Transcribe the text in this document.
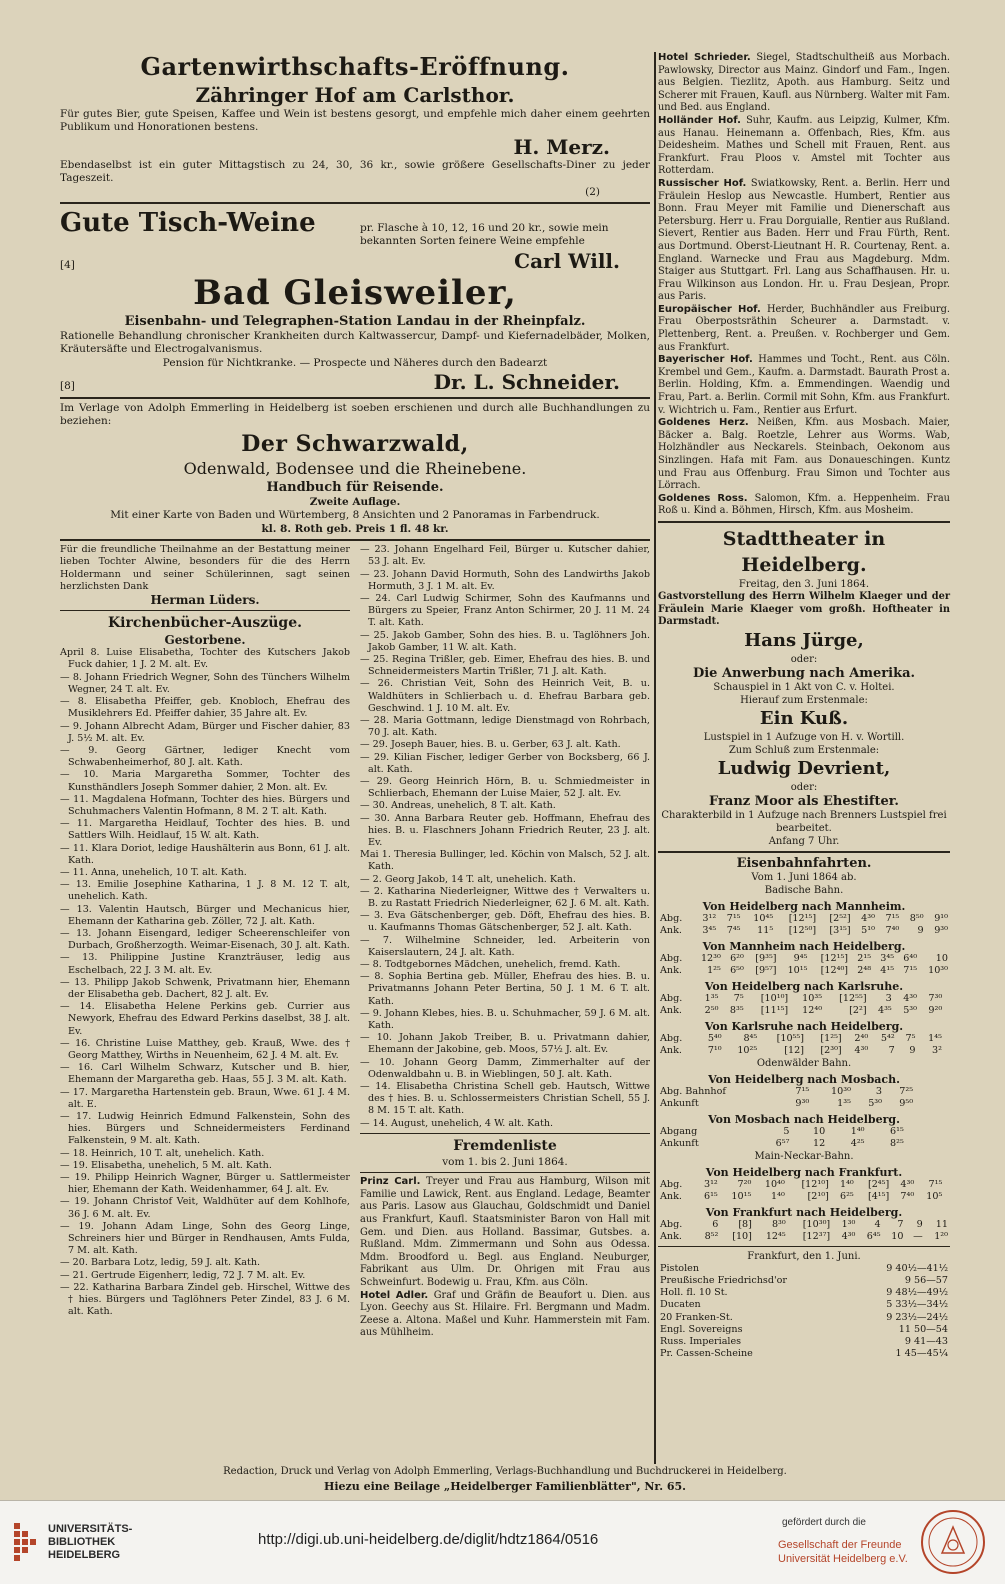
Gartenwirthschafts-Eröffnung.
Zähringer Hof am Carlsthor.
Für gutes Bier, gute Speisen, Kaffee und Wein ist bestens gesorgt, und empfehle mich daher einem geehrten Publikum und Honorationen bestens.
H. Merz.
Ebendaselbst ist ein guter Mittagstisch zu 24, 30, 36 kr., sowie größere Gesellschafts-Diner zu jeder Tageszeit.
(2)
Gute Tisch-Weine	pr. Flasche à 10, 12, 16 und 20 kr., sowie mein bekannten Sorten feinere Weine empfehle
[4]	Carl Will.
Bad Gleisweiler,
Eisenbahn- und Telegraphen-Station Landau in der Rheinpfalz.
Rationelle Behandlung chronischer Krankheiten durch Kaltwassercur, Dampf- und Kiefernadelbäder, Molken, Kräutersäfte und Electrogalvanismus.
Pension für Nichtkranke. — Prospecte und Näheres durch den Badearzt
[8]	Dr. L. Schneider.
Im Verlage von Adolph Emmerling in Heidelberg ist soeben erschienen und durch alle Buchhandlungen zu beziehen:
Der Schwarzwald,
Odenwald, Bodensee und die Rheinebene.
Handbuch für Reisende.
Zweite Auflage.
Mit einer Karte von Baden und Würtemberg, 8 Ansichten und 2 Panoramas in Farbendruck.
kl. 8. Roth geb. Preis 1 fl. 48 kr.
Für die freundliche Theilnahme an der Bestattung meiner lieben Tochter Alwine, besonders für die des Herrn Holdermann und seiner Schülerinnen, sagt seinen herzlichsten Dank
Herman Lüders.
Kirchenbücher-Auszüge.
Gestorbene.
April 8. Luise Elisabetha, Tochter des Kutschers Jakob Fuck dahier, 1 J. 2 M. alt. Ev.
— 8. Johann Friedrich Wegner, Sohn des Tünchers Wilhelm Wegner, 24 T. alt. Ev.
— 8. Elisabetha Pfeiffer, geb. Knobloch, Ehefrau des Musiklehrers Ed. Pfeiffer dahier, 35 Jahre alt. Ev.
— 9. Johann Albrecht Adam, Bürger und Fischer dahier, 83 J. 5½ M. alt. Ev.
— 9. Georg Gärtner, lediger Knecht vom Schwabenheimerhof, 80 J. alt. Kath.
— 10. Maria Margaretha Sommer, Tochter des Kunsthändlers Joseph Sommer dahier, 2 Mon. alt. Ev.
— 11. Magdalena Hofmann, Tochter des hies. Bürgers und Schuhmachers Valentin Hofmann, 8 M. 2 T. alt. Kath.
— 11. Margaretha Heidlauf, Tochter des hies. B. und Sattlers Wilh. Heidlauf, 15 W. alt. Kath.
— 11. Klara Doriot, ledige Haushälterin aus Bonn, 61 J. alt. Kath.
— 11. Anna, unehelich, 10 T. alt. Kath.
— 13. Emilie Josephine Katharina, 1 J. 8 M. 12 T. alt, unehelich. Kath.
— 13. Valentin Hautsch, Bürger und Mechanicus hier, Ehemann der Katharina geb. Zöller, 72 J. alt. Kath.
— 13. Johann Eisengard, lediger Scheerenschleifer von Durbach, Großherzogth. Weimar-Eisenach, 30 J. alt. Kath.
— 13. Philippine Justine Kranzträuser, ledig aus Eschelbach, 22 J. 3 M. alt. Ev.
— 13. Philipp Jakob Schwenk, Privatmann hier, Ehemann der Elisabetha geb. Dachert, 82 J. alt. Ev.
— 14. Elisabetha Helene Perkins geb. Currier aus Newyork, Ehefrau des Edward Perkins daselbst, 38 J. alt. Ev.
— 16. Christine Luise Matthey, geb. Krauß, Wwe. des † Georg Matthey, Wirths in Neuenheim, 62 J. 4 M. alt. Ev.
— 16. Carl Wilhelm Schwarz, Kutscher und B. hier, Ehemann der Margaretha geb. Haas, 55 J. 3 M. alt. Kath.
— 17. Margaretha Hartenstein geb. Braun, Wwe. 61 J. 4 M. alt. E.
— 17. Ludwig Heinrich Edmund Falkenstein, Sohn des hies. Bürgers und Schneidermeisters Ferdinand Falkenstein, 9 M. alt. Kath.
— 18. Heinrich, 10 T. alt, unehelich. Kath.
— 19. Elisabetha, unehelich, 5 M. alt. Kath.
— 19. Philipp Heinrich Wagner, Bürger u. Sattlermeister hier, Ehemann der Kath. Weidenhammer, 64 J. alt. Ev.
— 19. Johann Christof Veit, Waldhüter auf dem Kohlhofe, 36 J. 6 M. alt. Ev.
— 19. Johann Adam Linge, Sohn des Georg Linge, Schreiners hier und Bürger in Rendhausen, Amts Fulda, 7 M. alt. Kath.
— 20. Barbara Lotz, ledig, 59 J. alt. Kath.
— 21. Gertrude Eigenherr, ledig, 72 J. 7 M. alt. Ev.
— 22. Katharina Barbara Zindel geb. Hirschel, Wittwe des † hies. Bürgers und Taglöhners Peter Zindel, 83 J. 6 M. alt. Kath.
— 23. Johann Engelhard Feil, Bürger u. Kutscher dahier, 53 J. alt. Ev.
— 23. Johann David Hormuth, Sohn des Landwirths Jakob Hormuth, 3 J. 1 M. alt. Ev.
— 24. Carl Ludwig Schirmer, Sohn des Kaufmanns und Bürgers zu Speier, Franz Anton Schirmer, 20 J. 11 M. 24 T. alt. Kath.
— 25. Jakob Gamber, Sohn des hies. B. u. Taglöhners Joh. Jakob Gamber, 11 W. alt. Kath.
— 25. Regina Trißler, geb. Eimer, Ehefrau des hies. B. und Schneidermeisters Martin Trißler, 71 J. alt. Kath.
— 26. Christian Veit, Sohn des Heinrich Veit, B. u. Waldhüters in Schlierbach u. d. Ehefrau Barbara geb. Geschwind. 1 J. 10 M. alt. Ev.
— 28. Maria Gottmann, ledige Dienstmagd von Rohrbach, 70 J. alt. Kath.
— 29. Joseph Bauer, hies. B. u. Gerber, 63 J. alt. Kath.
— 29. Kilian Fischer, lediger Gerber von Bocksberg, 66 J. alt. Kath.
— 29. Georg Heinrich Hörn, B. u. Schmiedmeister in Schlierbach, Ehemann der Luise Maier, 52 J. alt. Ev.
— 30. Andreas, unehelich, 8 T. alt. Kath.
— 30. Anna Barbara Reuter geb. Hoffmann, Ehefrau des hies. B. u. Flaschners Johann Friedrich Reuter, 23 J. alt. Ev.
Mai 1. Theresia Bullinger, led. Köchin von Malsch, 52 J. alt. Kath.
— 2. Georg Jakob, 14 T. alt, unehelich. Kath.
— 2. Katharina Niederleigner, Wittwe des † Verwalters u. B. zu Rastatt Friedrich Niederleigner, 62 J. 6 M. alt. Kath.
— 3. Eva Gätschenberger, geb. Döft, Ehefrau des hies. B. u. Kaufmanns Thomas Gätschenberger, 52 J. alt. Kath.
— 7. Wilhelmine Schneider, led. Arbeiterin von Kaiserslautern, 24 J. alt. Kath.
— 8. Todtgebornes Mädchen, unehelich, fremd. Kath.
— 8. Sophia Bertina geb. Müller, Ehefrau des hies. B. u. Privatmanns Johann Peter Bertina, 50 J. 1 M. 6 T. alt. Kath.
— 9. Johann Klebes, hies. B. u. Schuhmacher, 59 J. 6 M. alt. Kath.
— 10. Johann Jakob Treiber, B. u. Privatmann dahier, Ehemann der Jakobine, geb. Moos, 57½ J. alt. Ev.
— 10. Johann Georg Damm, Zimmerhalter auf der Odenwaldbahn u. B. in Wieblingen, 50 J. alt. Kath.
— 14. Elisabetha Christina Schell geb. Hautsch, Wittwe des † hies. B. u. Schlossermeisters Christian Schell, 55 J. 8 M. 15 T. alt. Kath.
— 14. August, unehelich, 4 W. alt. Kath.
Fremdenliste
vom 1. bis 2. Juni 1864.
Prinz Carl. Treyer und Frau aus Hamburg, Wilson mit Familie und Lawick, Rent. aus England. Ledage, Beamter aus Paris. Lasow aus Glauchau, Goldschmidt und Daniel aus Frankfurt, Kaufl. Staatsminister Baron von Hall mit Gem. und Dien. aus Holland. Bassimar, Gutsbes. a. Rußland. Mdm. Zimmermann und Sohn aus Odessa. Mdm. Broodford u. Begl. aus England. Neuburger, Fabrikant aus Ulm. Dr. Ohrigen mit Frau aus Schweinfurt. Bodewig u. Frau, Kfm. aus Cöln.
Hotel Adler. Graf und Gräfin de Beaufort u. Dien. aus Lyon. Geechy aus St. Hilaire. Frl. Bergmann und Madm. Zeese a. Altona. Maßel und Kuhr. Hammerstein mit Fam. aus Mühlheim.
Hotel Schrieder. Siegel, Stadtschultheiß aus Morbach. Pawlowsky, Director aus Mainz. Gindorf und Fam., Ingen. aus Belgien. Tiezlitz, Apoth. aus Hamburg. Seitz und Scherer mit Frauen, Kaufl. aus Nürnberg. Walter mit Fam. und Bed. aus England.
Holländer Hof. Suhr, Kaufm. aus Leipzig, Kulmer, Kfm. aus Hanau. Heinemann a. Offenbach, Ries, Kfm. aus Deidesheim. Mathes und Schell mit Frauen, Rent. aus Frankfurt. Frau Ploos v. Amstel mit Tochter aus Rotterdam.
Russischer Hof. Swiatkowsky, Rent. a. Berlin. Herr und Fräulein Heslop aus Newcastle. Humbert, Rentier aus Bonn. Frau Meyer mit Familie und Dienerschaft aus Petersburg. Herr u. Frau Dorguialle, Rentier aus Rußland. Sievert, Rentier aus Baden. Herr und Frau Fürth, Rent. aus Dortmund. Oberst-Lieutnant H. R. Courtenay, Rent. a. England. Warnecke und Frau aus Magdeburg. Mdm. Staiger aus Stuttgart. Frl. Lang aus Schaffhausen. Hr. u. Frau Wilkinson aus London. Hr. u. Frau Desjean, Propr. aus Paris.
Europäischer Hof. Herder, Buchhändler aus Freiburg. Frau Oberpostsräthin Scheurer a. Darmstadt. v. Plettenberg, Rent. a. Preußen. v. Rochberger und Gem. aus Frankfurt.
Bayerischer Hof. Hammes und Tocht., Rent. aus Cöln. Krembel und Gem., Kaufm. a. Darmstadt. Baurath Prost a. Berlin. Holding, Kfm. a. Emmendingen. Waendig und Frau, Part. a. Berlin. Cormil mit Sohn, Kfm. aus Frankfurt. v. Wichtrich u. Fam., Rentier aus Erfurt.
Goldenes Herz. Neißen, Kfm. aus Mosbach. Maier, Bäcker a. Balg. Roetzle, Lehrer aus Worms. Wab, Holzhändler aus Neckarels. Steinbach, Oekonom aus Sinzlingen. Hafa mit Fam. aus Donaueschingen. Kuntz und Frau aus Offenburg. Frau Simon und Tochter aus Lörrach.
Goldenes Ross. Salomon, Kfm. a. Heppenheim. Frau Roß u. Kind a. Böhmen, Hirsch, Kfm. aus Mosheim.
Stadttheater in Heidelberg.
Freitag, den 3. Juni 1864.
Gastvorstellung des Herrn Wilhelm Klaeger und der Fräulein Marie Klaeger vom großh. Hoftheater in Darmstadt.
Hans Jürge,
oder:
Die Anwerbung nach Amerika.
Schauspiel in 1 Akt von C. v. Holtei.
Hierauf zum Erstenmale:
Ein Kuß.
Lustspiel in 1 Aufzuge von H. v. Wortill.
Zum Schluß zum Erstenmale:
Ludwig Devrient,
oder:
Franz Moor als Ehestifter.
Charakterbild in 1 Aufzuge nach Brenners Lustspiel frei bearbeitet.
Anfang 7 Uhr.
Eisenbahnfahrten.
Vom 1. Juni 1864 ab.
Badische Bahn.
Von Heidelberg nach Mannheim.
Abg.	3¹²	7¹⁵	10⁴⁵	[12¹⁵]	[2⁵²]	4³⁰	7¹⁵	8⁵⁰	9¹⁰
Ank.	3⁴⁵	7⁴⁵	11⁵	[12⁵⁰]	[3¹⁵]	5¹⁰	7⁴⁰	9	9³⁰
Von Mannheim nach Heidelberg.
Abg.	12³⁰	6²⁰	[9³⁵]	9⁴⁵	[12¹⁵]	2¹⁵	3⁴⁵	6⁴⁰	10
Ank.	1²⁵	6⁵⁰	[9⁵⁷]	10¹⁵	[12⁴⁰]	2⁴⁸	4¹⁵	7¹⁵	10³⁰
Von Heidelberg nach Karlsruhe.
Abg.	1³⁵	7⁵	[10¹⁰]	10³⁵	[12⁵⁵]	3	4³⁰	7³⁰	
Ank.	2⁵⁰	8³⁵	[11¹⁵]	12⁴⁰	[2²]	4³⁵	5³⁰	9²⁰	
Von Karlsruhe nach Heidelberg.
Abg.	5⁴⁰	8⁴⁵	[10⁵⁵]	[1²⁵]	2⁴⁰	5⁴²	7⁵	1⁴⁵	
Ank.	7¹⁰	10²⁵	[12]	[2³⁰]	4³⁰	7	9	3²	
Odenwälder Bahn.
Von Heidelberg nach Mosbach.
Abg. Bahnhof	7¹⁵	10³⁰	3	7²⁵					
Ankunft	9³⁰	1³⁵	5³⁰	9⁵⁰					
Von Mosbach nach Heidelberg.
Abgang	5	10	1⁴⁰	6¹⁵					
Ankunft	6⁵⁷	12	4²⁵	8²⁵					
Main-Neckar-Bahn.
Von Heidelberg nach Frankfurt.
Abg.	3¹²	7²⁰	10⁴⁰	[12¹⁰]	1⁴⁰	[2⁴⁵]	4³⁰	7¹⁵	
Ank.	6¹⁵	10¹⁵	1⁴⁰	[2¹⁰]	6²⁵	[4¹⁵]	7⁴⁰	10⁵	
Von Frankfurt nach Heidelberg.
Abg.	6	[8]	8³⁰	[10³⁰]	1³⁰	4	7	9	11
Ank.	8⁵²	[10]	12⁴⁵	[12³⁷]	4³⁰	6⁴⁵	10	—	1²⁰
Frankfurt, den 1. Juni.
Pistolen	9 40½—41½
Preußische Friedrichsd'or	9 56—57
Holl. fl. 10 St.	9 48½—49½
Ducaten	5 33½—34½
20 Franken-St.	9 23½—24½
Engl. Sovereigns	11 50—54
Russ. Imperiales	9 41—43
Pr. Cassen-Scheine	1 45—45¼
Redaction, Druck und Verlag von Adolph Emmerling, Verlags-Buchhandlung und Buchdruckerei in Heidelberg.
Hiezu eine Beilage „Heidelberger Familienblätter", Nr. 65.
UNIVERSITÄTS-
BIBLIOTHEK
HEIDELBERG
http://digi.ub.uni-heidelberg.de/diglit/hdtz1864/0516
gefördert durch die
Gesellschaft der Freunde
Universität Heidelberg e.V.
